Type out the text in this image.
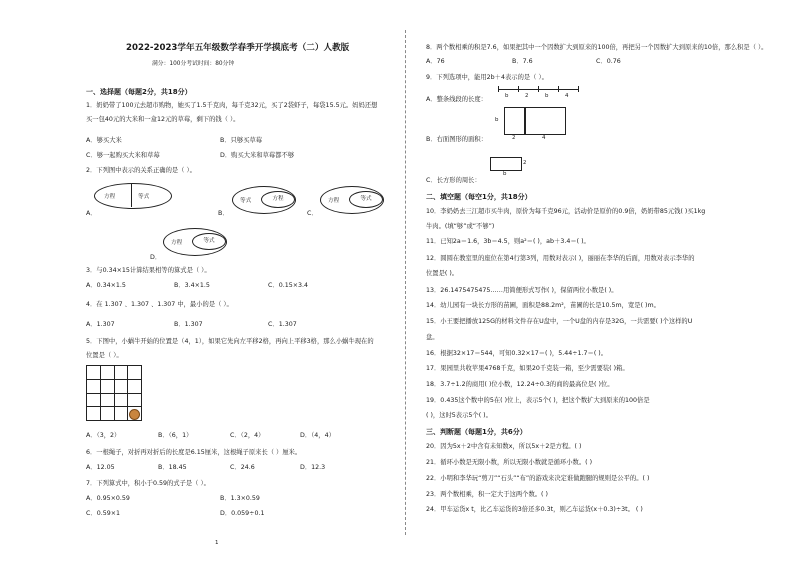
2022-2023学年五年级数学春季开学摸底考（二）人教版
满分：100分考试时间：80分钟
一、选择题（每题2分，共18分）
1．奶奶带了100元去超市购物，她买了1.5千克肉，每千克32元，买了2袋虾子，每袋15.5元。妈妈还想
买一包40元的大米和一盒12元的草莓，剩下的钱（ ）。
A．够买大米	B．只够买草莓
C．够一起购买大米和草莓	D．购买大米和草莓都不够
2．下列图中表示的关系正确的是（ ）。
A．
方程	等式
B．
方程
等式
C．
等式
方程
D．
等式
方程
3．与0.34×15计算结果相等的算式是（ ）。
A．0.34×1.5	B．3.4×1.5	C．0.15×3.4
4．在 1.307 、1.307 、1.307 中，最小的是（ ）。
A．1.307	B．1.307	C．1.307
5．下图中，小蜗牛开始的位置是（4，1），如果它先向左平移2格，再向上平移3格，那么小蜗牛现在的
位置是（ ）。
A．（3，2）	B．（6，1）	C．（2，4）	D．（4，4）
6．一根绳子，对折再对折后的长度是6.15厘米，这根绳子原来长（ ）厘米。
A．12.05	B．18.45	C．24.6	D．12.3
7．下列算式中，积小于0.59的式子是（ ）。
A．0.95×0.59	B．1.3×0.59
C．0.59×1	D．0.059÷0.1
1
8．两个数相乘的积是7.6，如果把其中一个因数扩大到原来的100倍，再把另一个因数扩大到原来的10倍，那么积是（ ）。
A．76	B．7.6	C．0.76
9．下列选项中，能用2b＋4表示的是（ ）。
A．整条线段的长度：	b	2	b	4
b
2	4
B．右面图形的面积：
2
b
C．长方形的周长：
二、填空题（每空1分，共18分）
10．李奶奶去三江超市买牛肉，原价为每千克96元，活动价是原价的0.9倍，奶奶带85元钱( )买1kg
牛肉。(填“够”或“不够”)
11．已知2a＝1.6，3b＝4.5，则a²＝( )，ab＋3.4＝( )。
12．圆圆在教室里的座位在第4行第3列，用数对表示( )，丽丽在李华的后面，用数对表示李华的
位置是( )。
13．26.1475475475……用简便形式写作( )，保留两位小数是( )。
14．幼儿园有一块长方形的苗圃，面积是88.2m²，苗圃的长是10.5m，宽是( )m。
15．小王要把播放125G的材料文件存在U盘中，一个U盘的内存是32G，一共需要( )个这样的U
盘。
16．根据32×17＝544，可知0.32×17＝( )，5.44÷1.7＝( )。
17．果园里共收苹果4768千克，如果20千克装一箱，至少需要装( )箱。
18．3.7÷1.2的商用( )位小数，12.24÷0.3的商的最高位是( )位。
19．0.435这个数中的5在( )位上，表示5个( )，把这个数扩大到原来的100倍是
( )，这时5表示5个( )。
三、判断题（每题1分，共6分）
20．因为5x＋2中含有未知数x，所以5x＋2是方程。( )
21．循环小数是无限小数，所以无限小数就是循环小数。( )
22．小明和李华玩“剪刀”“石头”“布”的游戏来决定谁做跑腿的规则是公平的。( )
23．两个数相乘，积一定大于这两个数。( )
24．甲车运货x t，比乙车运货的3倍还多0.3t，则乙车运货(x＋0.3)÷3t。 ( )
